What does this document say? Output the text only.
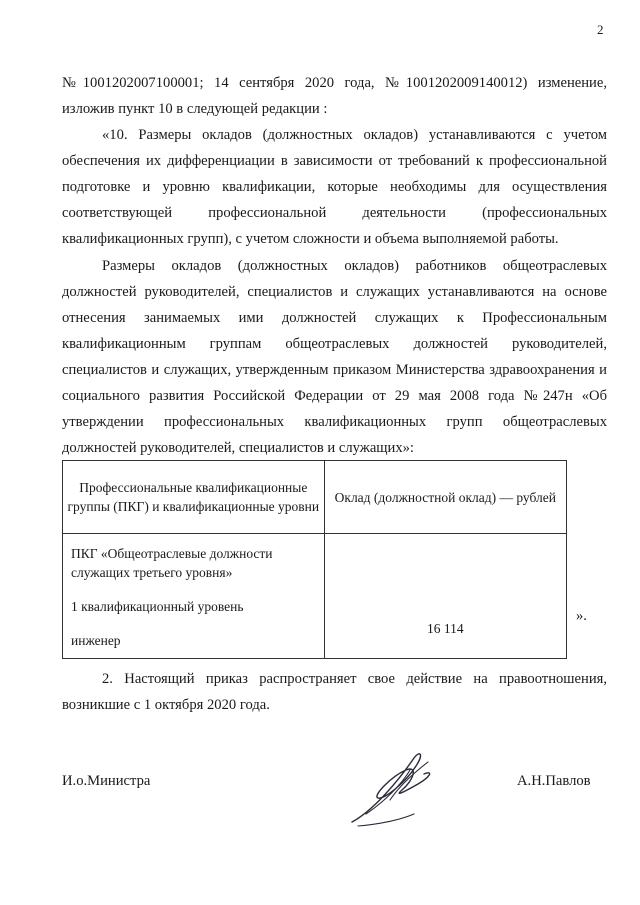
2

№1001202007100001; 14 сентября 2020 года, №1001202009140012) изменение, изложив пункт 10 в следующей редакции :

«10. Размеры окладов (должностных окладов) устанавливаются с учетом обеспечения их дифференциации в зависимости от требований к профессиональной подготовке и уровню квалификации, которые необходимы для осуществления соответствующей профессиональной деятельности (профессиональных квалификационных групп), с учетом сложности и объема выполняемой работы.

Размеры окладов (должностных окладов) работников общеотраслевых должностей руководителей, специалистов и служащих устанавливаются на основе отнесения занимаемых ими должностей служащих к Профессиональным квалификационным группам общеотраслевых должностей руководителей, специалистов и служащих, утвержденным приказом Министерства здравоохранения и социального развития Российской Федерации от 29 мая 2008 года №247н «Об утверждении профессиональных квалификационных групп общеотраслевых должностей руководителей, специалистов и служащих»:

Профессиональные квалификационные группы (ПКГ) и квалификационные уровни	Оклад (должностной оклад) — рублей

ПКГ «Общеотраслевые должности служащих третьего уровня»
1 квалификационный уровень
инженер	16 114
».

2. Настоящий приказ распространяет свое действие на правоотношения, возникшие с 1 октября 2020 года.

И.о.Министра	А.Н.Павлов
